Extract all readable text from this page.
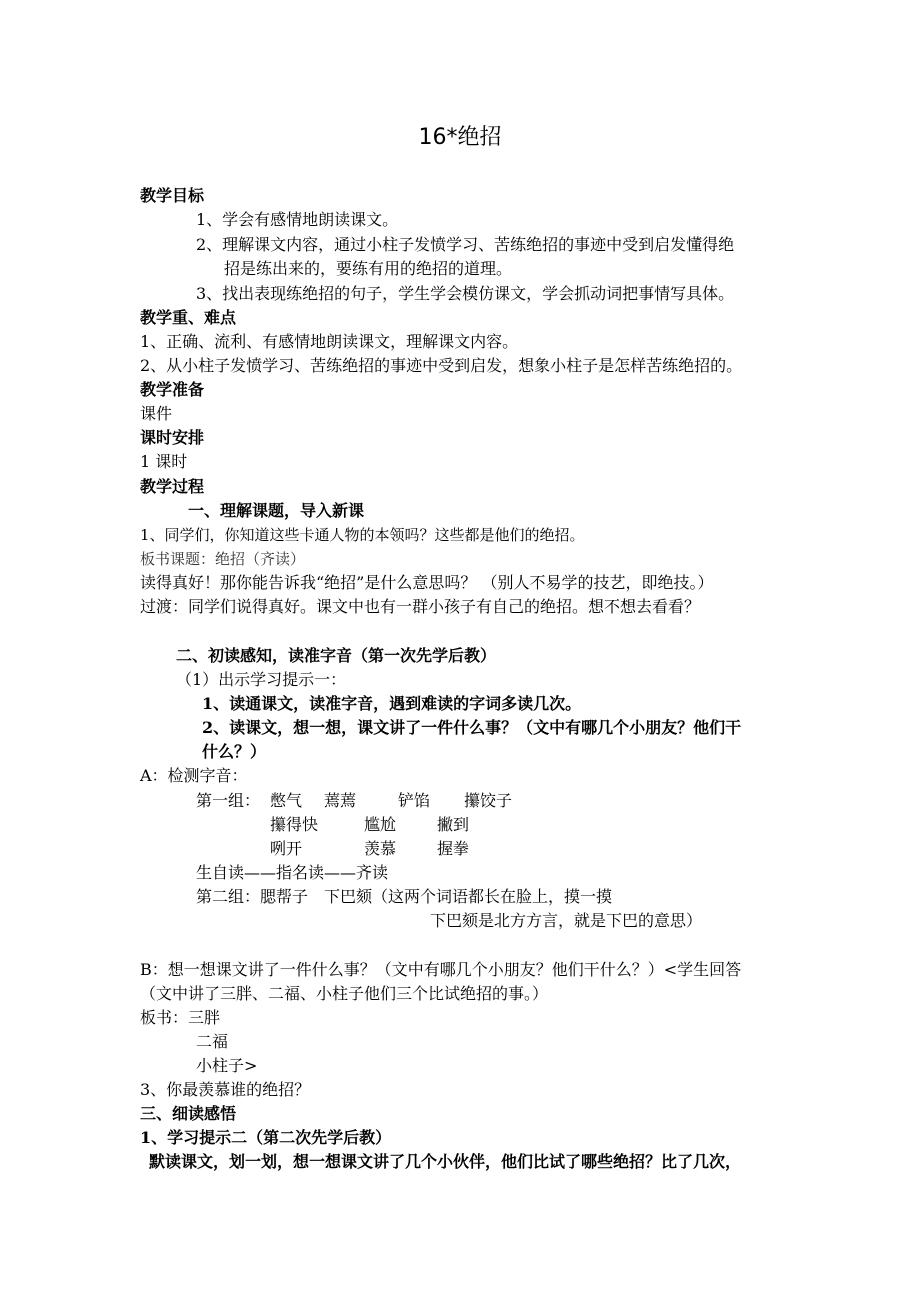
16*绝招
教学目标
1、学会有感情地朗读课文。
2、理解课文内容，通过小柱子发愤学习、苦练绝招的事迹中受到启发懂得绝
招是练出来的，要练有用的绝招的道理。
3、找出表现练绝招的句子，学生学会模仿课文，学会抓动词把事情写具体。
教学重、难点
1、正确、流利、有感情地朗读课文，理解课文内容。
2、从小柱子发愤学习、苦练绝招的事迹中受到启发，想象小柱子是怎样苦练绝招的。
教学准备
课件
课时安排
1 课时
教学过程
一、理解课题，导入新课
1、同学们，你知道这些卡通人物的本领吗？这些都是他们的绝招。
板书课题：绝招（齐读）
读得真好！那你能告诉我“绝招”是什么意思吗？ （别人不易学的技艺，即绝技。）
过渡：同学们说得真好。课文中也有一群小孩子有自己的绝招。想不想去看看？
二、初读感知，读准字音（第一次先学后教）
（1）出示学习提示一：
1、读通课文，读准字音，遇到难读的字词多读几次。
2、读课文，想一想，课文讲了一件什么事？（文中有哪几个小朋友？他们干
什么？）
A：检测字音：
第一组： 憋气 蔫蔫	铲馅 攥饺子
攥得快	尴尬	撇到
咧开	羡慕	握拳
生自读——指名读——齐读
第二组：腮帮子　下巴颏（这两个词语都长在脸上，摸一摸
下巴颏是北方方言，就是下巴的意思）
B：想一想课文讲了一件什么事？（文中有哪几个小朋友？他们干什么？）<学生回答
（文中讲了三胖、二福、小柱子他们三个比试绝招的事。）
板书：三胖
二福
小柱子>
3、你最羡慕谁的绝招？
三、细读感悟
1、学习提示二（第二次先学后教）
默读课文，划一划，想一想课文讲了几个小伙伴，他们比试了哪些绝招？比了几次，
